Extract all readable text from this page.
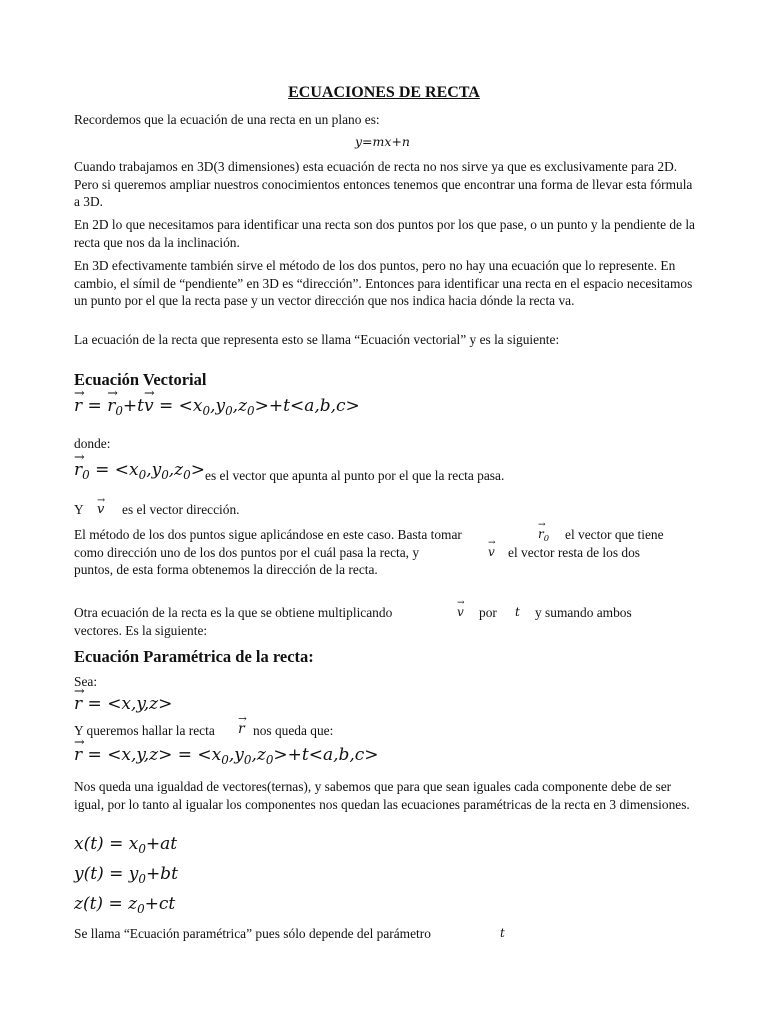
ECUACIONES DE RECTA

Recordemos que la ecuación de una recta en un plano es:

y=mx+n

Cuando trabajamos en 3D(3 dimensiones) esta ecuación de recta no nos sirve ya que es exclusivamente para 2D. Pero si queremos ampliar nuestros conocimientos entonces tenemos que encontrar una forma de llevar esta fórmula a 3D.

En 2D lo que necesitamos para identificar una recta son dos puntos por los que pase, o un punto y la pendiente de la recta que nos da la inclinación.

En 3D efectivamente también sirve el método de los dos puntos, pero no hay una ecuación que lo represente. En cambio, el símil de “pendiente” en 3D es “dirección”. Entonces para identificar una recta en el espacio necesitamos un punto por el que la recta pase y un vector dirección que nos indica hacia dónde la recta va.

La ecuación de la recta que representa esto se llama “Ecuación vectorial” y es la siguiente:

Ecuación Vectorial
→ r = → $r_0+t\to v = <x_0,y_0,z_0>+t<a,b,c>$

donde:

→ $r_0 = <x_0,y_0,z_0>$ es el vector que apunta al punto por el que la recta pasa.
Y → v es el vector dirección.
El método de los dos puntos sigue aplicándose en este caso. Basta tomar	→ $r_0$ el vector que tiene
como dirección uno de los dos puntos por el cuál pasa la recta, y	→ v el vector resta de los dos
puntos, de esta forma obtenemos la dirección de la recta.
Otra ecuación de la recta es la que se obtiene multiplicando	→ v por t y sumando ambos
vectores. Es la siguiente:
Ecuación Paramétrica de la recta:

Sea:

→ r = <x,y,z>
Y queremos hallar la recta → r nos queda que:
→ $r = <x,y,z> = <x_0,y_0,z_0>+t<a,b,c>$

Nos queda una igualdad de vectores(ternas), y sabemos que para que sean iguales cada componente debe de ser igual, por lo tanto al igualar los componentes nos quedan las ecuaciones paramétricas de la recta en 3 dimensiones.

$x(t) = x_0+at$
$y(t) = y_0+bt$
$z(t) = z_0+ct$
Se llama “Ecuación paramétrica” pues sólo depende del parámetro	t
